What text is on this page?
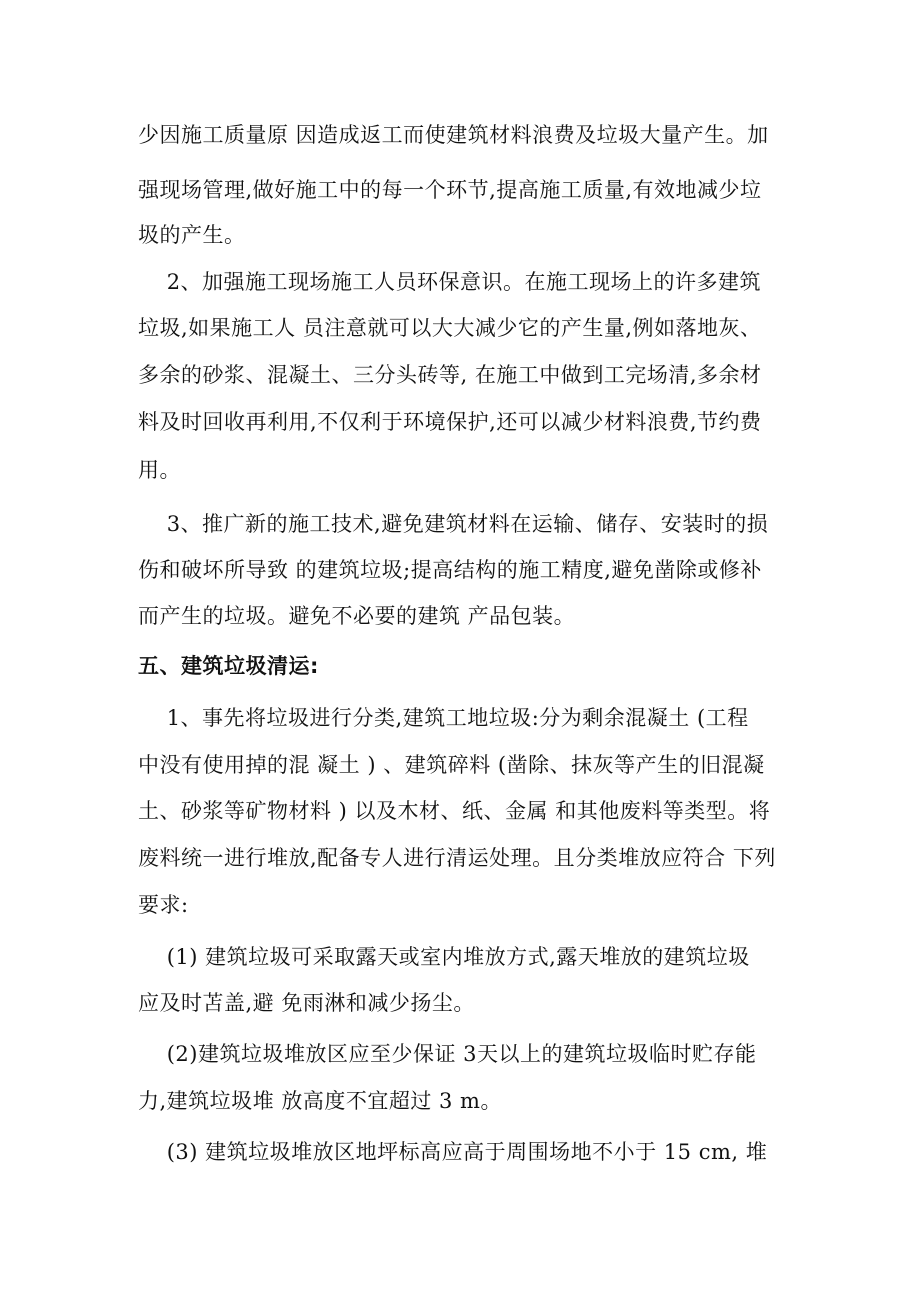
少因施工质量原 因造成返工而使建筑材料浪费及垃圾大量产生。加
强现场管理,做好施工中的每一个环节,提高施工质量,有效地减少垃
圾的产生。
2、加强施工现场施工人员环保意识。在施工现场上的许多建筑
垃圾,如果施工人 员注意就可以大大减少它的产生量,例如落地灰、
多余的砂浆、混凝土、三分头砖等, 在施工中做到工完场清,多余材
料及时回收再利用,不仅利于环境保护,还可以减少材料浪费,节约费
用。
3、推广新的施工技术,避免建筑材料在运输、储存、安装时的损
伤和破坏所导致 的建筑垃圾;提高结构的施工精度,避免凿除或修补
而产生的垃圾。避免不必要的建筑 产品包装。
五、建筑垃圾清运:
1、事先将垃圾进行分类,建筑工地垃圾:分为剩余混凝土 (工程
中没有使用掉的混 凝土 ) 、建筑碎料 (凿除、抹灰等产生的旧混凝
土、砂浆等矿物材料 ) 以及木材、纸、金属 和其他废料等类型。将
废料统一进行堆放,配备专人进行清运处理。且分类堆放应符合 下列
要求:
(1) 建筑垃圾可采取露天或室内堆放方式,露天堆放的建筑垃圾
应及时苫盖,避 免雨淋和减少扬尘。
(2)建筑垃圾堆放区应至少保证 3天以上的建筑垃圾临时贮存能
力,建筑垃圾堆 放高度不宜超过 3 m。
(3) 建筑垃圾堆放区地坪标高应高于周围场地不小于 15 cm, 堆
